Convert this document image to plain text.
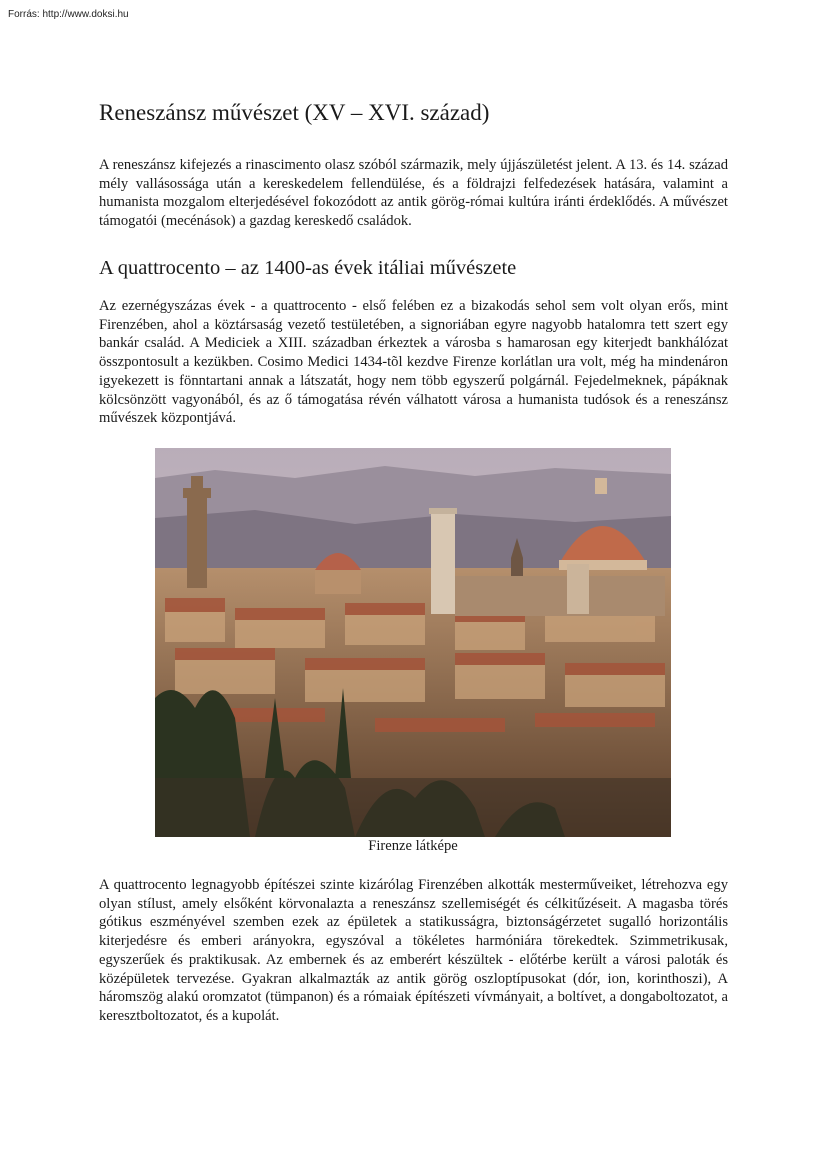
Forrás: http://www.doksi.hu
Reneszánsz művészet (XV – XVI. század)

A reneszánsz kifejezés a rinascimento olasz szóból származik, mely újjászületést jelent. A 13. és 14. század mély vallásossága után a kereskedelem fellendülése, és a földrajzi felfedezések hatására, valamint a humanista mozgalom elterjedésével fokozódott az antik görög-római kultúra iránti érdeklődés. A művészet támogatói (mecénások) a gazdag kereskedő családok.

A quattrocento – az 1400-as évek itáliai művészete

Az ezernégyszázas évek - a quattrocento - első felében ez a bizakodás sehol sem volt olyan erős, mint Firenzében, ahol a köztársaság vezető testületében, a signoriában egyre nagyobb hatalomra tett szert egy bankár család. A Mediciek a XIII. században érkeztek a városba s hamarosan egy kiterjedt bankhálózat összpontosult a kezükben. Cosimo Medici 1434-tõl kezdve Firenze korlátlan ura volt, még ha mindenáron igyekezett is fönntartani annak a látszatát, hogy nem több egyszerű polgárnál. Fejedelmeknek, pápáknak kölcsönzött vagyonából, és az ő támogatása révén válhatott városa a humanista tudósok és a reneszánsz művészek központjává.

Firenze látképe

A quattrocento legnagyobb építészei szinte kizárólag Firenzében alkották mesterműveiket, létrehozva egy olyan stílust, amely elsőként körvonalazta a reneszánsz szellemiségét és célkitűzéseit. A magasba törés gótikus eszményével szemben ezek az épületek a statikusságra, biztonságérzetet sugalló horizontális kiterjedésre és emberi arányokra, egyszóval a tökéletes harmóniára törekedtek. Szimmetrikusak, egyszerűek és praktikusak. Az embernek és az emberért készültek - előtérbe került a városi paloták és középületek tervezése. Gyakran alkalmazták az antik görög oszloptípusokat (dór, ion, korinthoszi), A háromszög alakú oromzatot (tümpanon) és a rómaiak építészeti vívmányait, a boltívet, a dongaboltozatot, a keresztboltozatot, és a kupolát.
